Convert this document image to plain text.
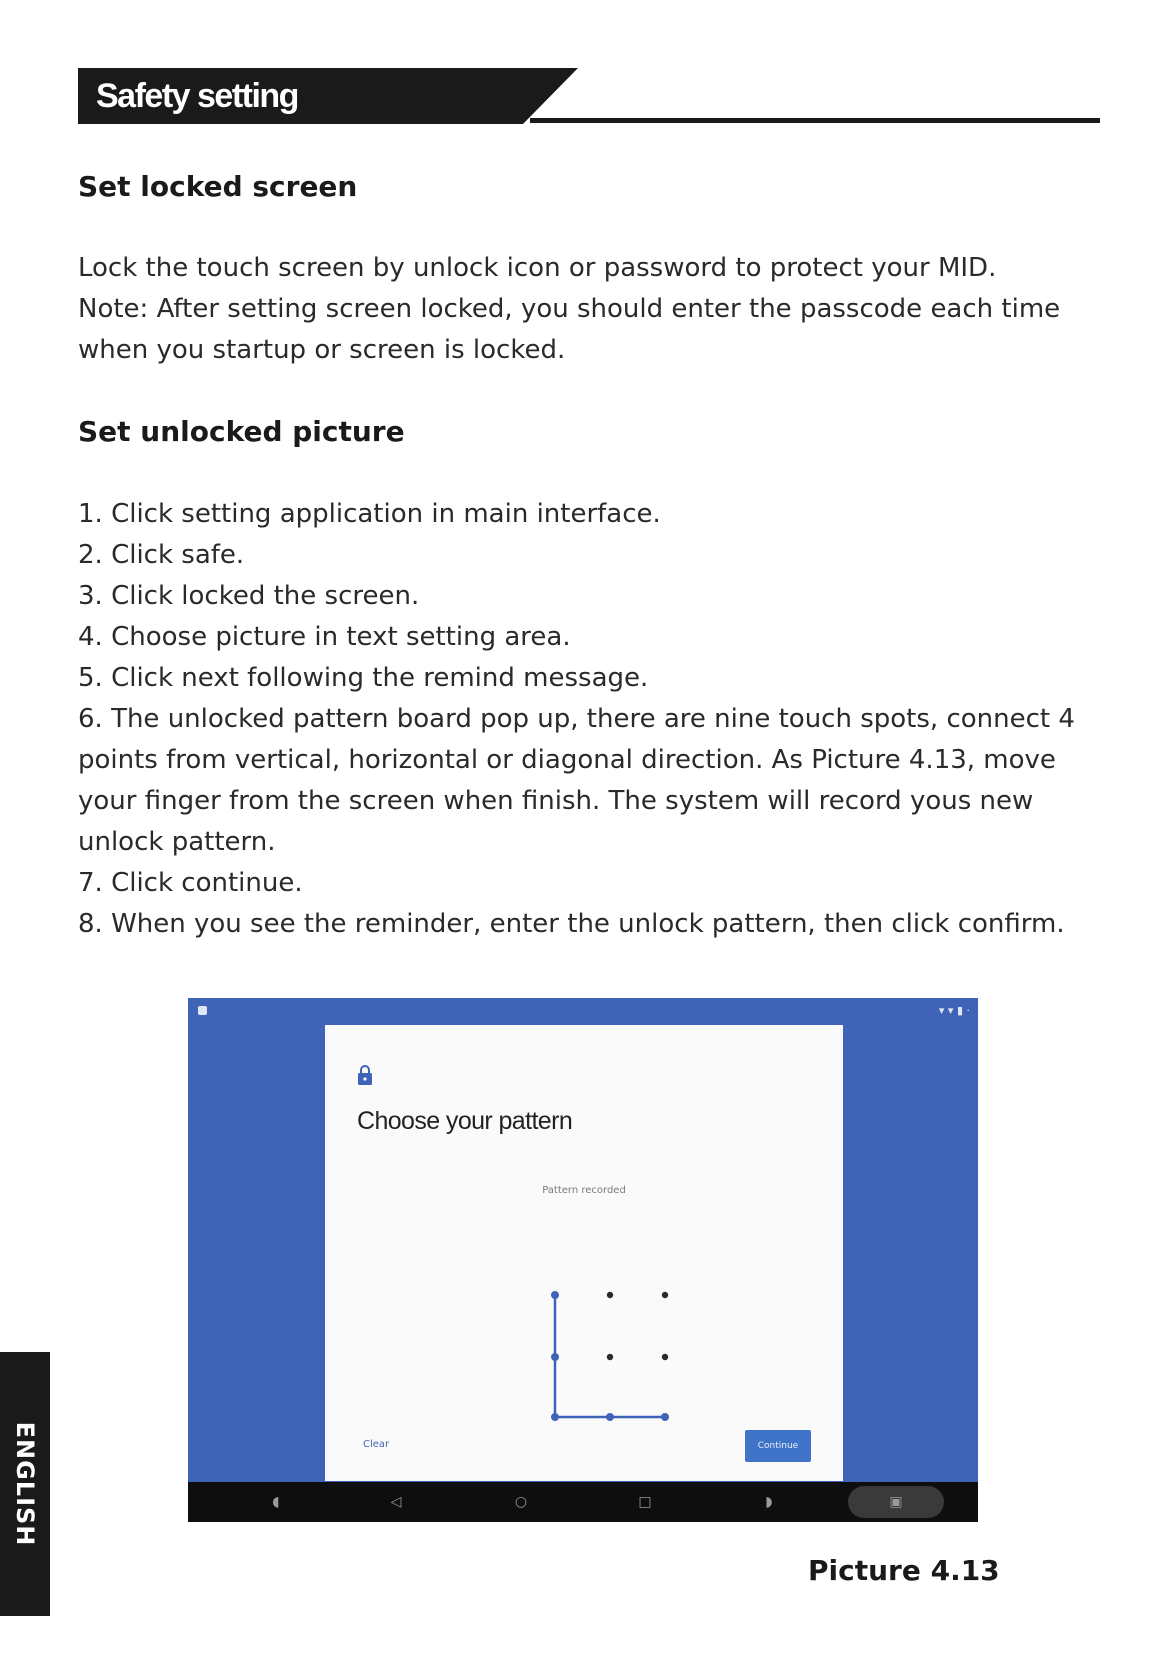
Safety setting
Set locked screen
Lock the touch screen by unlock icon or password to protect your MID.
Note: After setting screen locked, you should enter the passcode each time
when you startup or screen is locked.
Set unlocked picture
1. Click setting application in main interface.
2. Click safe.
3. Click locked the screen.
4. Choose picture in text setting area.
5. Click next following the remind message.
6. The unlocked pattern board pop up, there are nine touch spots, connect 4
points from vertical, horizontal or diagonal direction. As Picture 4.13, move
your finger from the screen when finish. The system will record yous new
unlock pattern.
7. Click continue.
8. When you see the reminder, enter the unlock pattern, then click confirm.
▾ ▾ ▮ ·
Choose your pattern
Pattern recorded
Clear	Continue
◖	◁	○	□	◗	▣
Picture 4.13
ENGLISH
